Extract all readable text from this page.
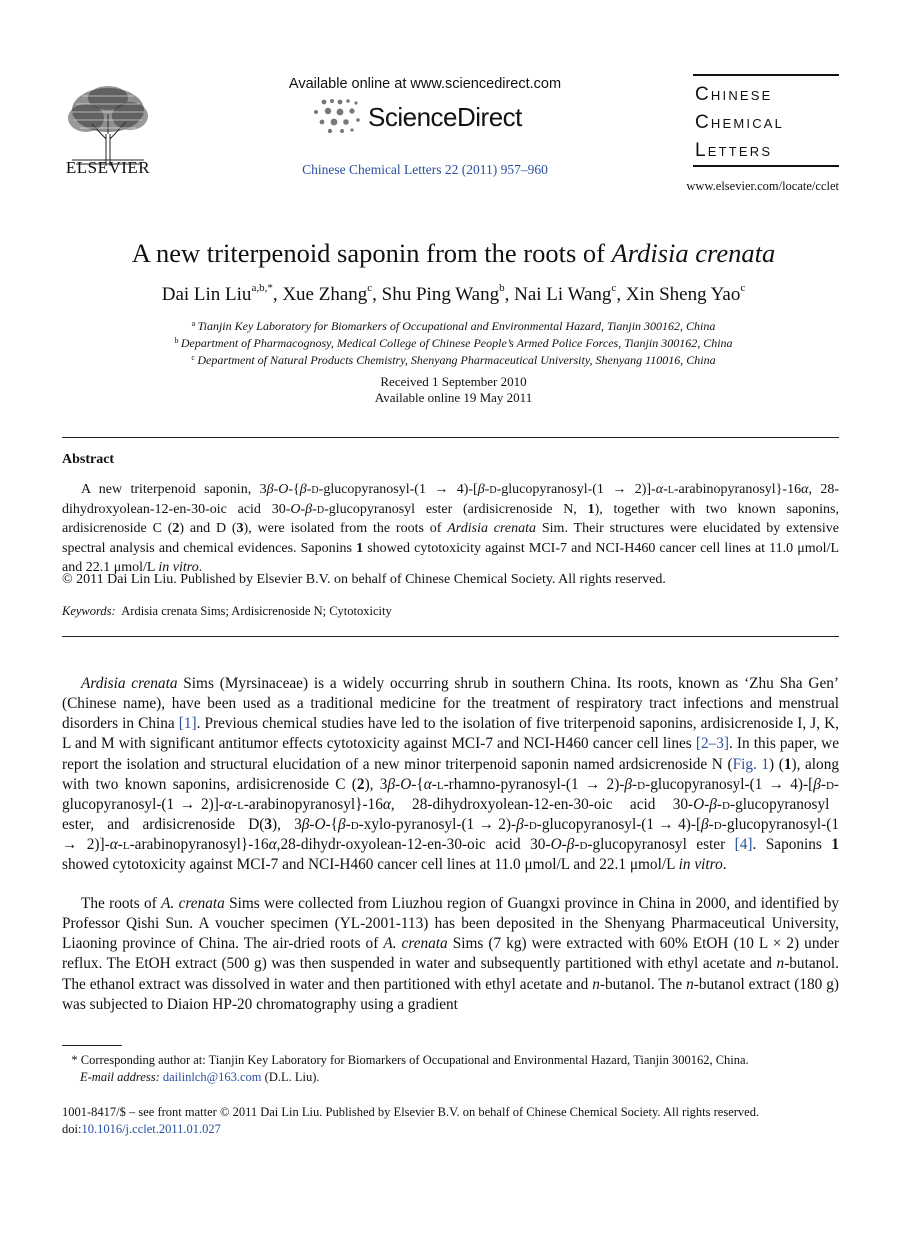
ELSEVIER
Available online at www.sciencedirect.com
ScienceDirect
Chinese Chemical Letters 22 (2011) 957–960
Chinese
Chemical
Letters
www.elsevier.com/locate/cclet
A new triterpenoid saponin from the roots of Ardisia crenata
Dai Lin Liu$^{a,b,*}$, Xue Zhang$^c$, Shu Ping Wang$^b$, Nai Li Wang$^c$, Xin Sheng Yao$^c$
$^a$  Tianjin Key Laboratory for Biomarkers of Occupational and Environmental Hazard, Tianjin 300162, China
$^b$  Department of Pharmacognosy, Medical College of Chinese People’s Armed Police Forces, Tianjin 300162, China
$^c$  Department of Natural Products Chemistry, Shenyang Pharmaceutical University, Shenyang 110016, China
Received 1 September 2010
Available online 19 May 2011
Abstract
A new triterpenoid saponin, 3β-O-{β-d-glucopyranosyl-(1 → 4)-[β-d-glucopyranosyl-(1 → 2)]-α-l-arabinopyranosyl}-16α, 28-dihydroxyolean-12-en-30-oic acid 30-O-β-d-glucopyranosyl ester (ardisicrenoside N, 1), together with two known saponins, ardisicrenoside C (2) and D (3), were isolated from the roots of Ardisia crenata Sim. Their structures were elucidated by extensive spectral analysis and chemical evidences. Saponins 1 showed cytotoxicity against MCI-7 and NCI-H460 cancer cell lines at 11.0 μmol/L and 22.1 μmol/L in vitro.
© 2011 Dai Lin Liu. Published by Elsevier B.V. on behalf of Chinese Chemical Society. All rights reserved.
Keywords: Ardisia crenata Sims; Ardisicrenoside N; Cytotoxicity
Ardisia crenata Sims (Myrsinaceae) is a widely occurring shrub in southern China. Its roots, known as ‘Zhu Sha Gen’ (Chinese name), have been used as a traditional medicine for the treatment of respiratory tract infections and menstrual disorders in China [1]. Previous chemical studies have led to the isolation of five triterpenoid saponins, ardisicrenoside I, J, K, L and M with significant antitumor effects cytotoxicity against MCI-7 and NCI-H460 cancer cell lines [2–3]. In this paper, we report the isolation and structural elucidation of a new minor triterpenoid saponin named ardsicrenoside N (Fig. 1) (1), along with two known saponins, ardisicrenoside C (2), 3β-O-{α-l-rhamno-pyranosyl-(1 → 2)-β-d-glucopyranosyl-(1 → 4)-[β-d-glucopyranosyl-(1 → 2)]-α-l-arabinopyranosyl}-16α,   28-dihydroxyolean-12-en-30-oic   acid   30-O-β-d-glucopyranosyl   ester,   and   ardisicrenoside   D(3),   3β-O-{β-d-xylo-pyranosyl-(1 → 2)-β-d-glucopyranosyl-(1 → 4)-[β-d-glucopyranosyl-(1 → 2)]-α-l-arabinopyranosyl}-16α,28-dihydr-oxyolean-12-en-30-oic acid 30-O-β-d-glucopyranosyl ester [4]. Saponins 1 showed cytotoxicity against MCI-7 and NCI-H460 cancer cell lines at 11.0 μmol/L and 22.1 μmol/L in vitro.
The roots of A. crenata Sims were collected from Liuzhou region of Guangxi province in China in 2000, and identified by Professor Qishi Sun. A voucher specimen (YL-2001-113) has been deposited in the Shenyang Pharmaceutical University, Liaoning province of China. The air-dried roots of A. crenata Sims (7 kg) were extracted with 60% EtOH (10 L × 2) under reflux. The EtOH extract (500 g) was then suspended in water and subsequently partitioned with ethyl acetate and n-butanol. The ethanol extract was dissolved in water and then partitioned with ethyl acetate and n-butanol. The n-butanol extract (180 g) was subjected to Diaion HP-20 chromatography using a gradient
* Corresponding author at: Tianjin Key Laboratory for Biomarkers of Occupational and Environmental Hazard, Tianjin 300162, China.
E-mail address: dailinlch@163.com (D.L. Liu).
1001-8417/$ – see front matter © 2011 Dai Lin Liu. Published by Elsevier B.V. on behalf of Chinese Chemical Society. All rights reserved.
doi:10.1016/j.cclet.2011.01.027
